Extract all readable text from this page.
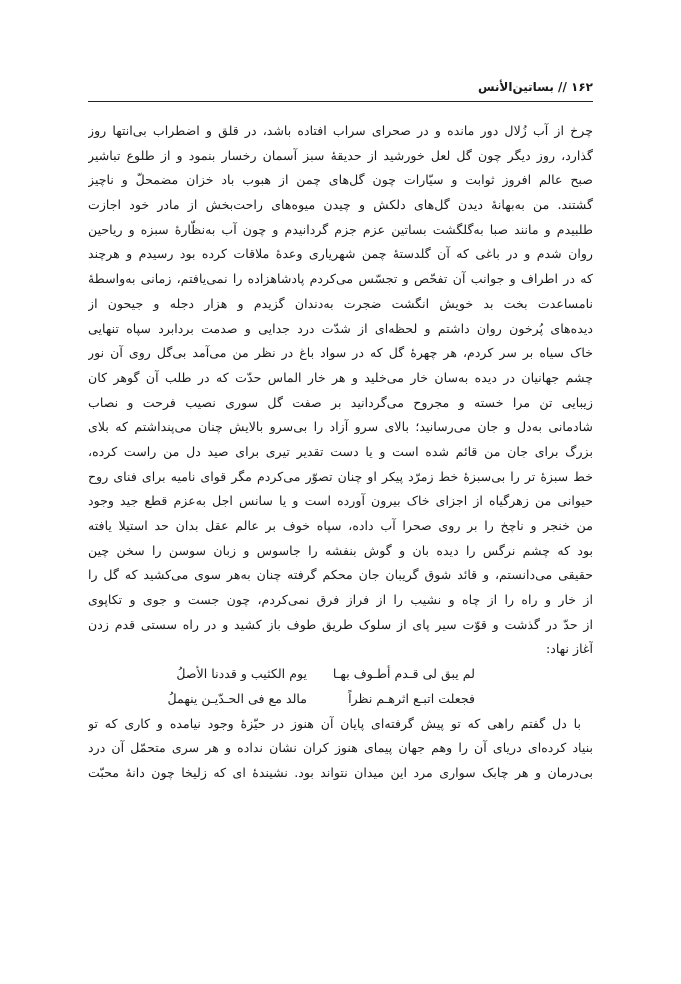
١۶٢ // بساتین‌الأنس
چرخ از آب زُلال دور مانده و در صحرای سراب افتاده باشد، در قلق و اضطراب بی‌انتها روز
گذارد، روز دیگر چون گل لعل خورشید از حدیقهٔ سبز آسمان رخسار بنمود و از طلوع تباشیر
صبح عالم افروز ثوابت و سیّارات چون گل‌های چمن از هبوب باد خزان مضمحلّ و ناچیز
گشتند. من به‌بهانهٔ دیدن گل‌های دلکش و چیدن میوه‌های راحت‌بخش از مادر خود اجازت
طلبیدم و مانند صبا به‌گلگشت بساتین عزم جزم گردانیدم و چون آب به‌نظّارهٔ سبزه و ریاحین
روان شدم و در باغی که آن گلدستهٔ چمن شهریاری وعدهٔ ملاقات کرده بود رسیدم و هرچند
که در اطراف و جوانب آن تفحّص و تجسّس می‌کردم پادشاهزاده را نمی‌یافتم، زمانی به‌واسطهٔ
نامساعدت بخت بد خویش انگشت ضجرت به‌دندان گزیدم و هزار دجله و جیحون از
دیده‌های پُرخون روان داشتم و لحظه‌ای از شدّت درد جدایی و صدمت بردابرد سپاه تنهایی
خاک سیاه بر سر کردم، هر چهرهٔ گل که در سواد باغ در نظر من می‌آمد بی‌گل روی آن نور
چشم جهانیان در دیده به‌سان خار می‌خلید و هر خار الماس حدّت که در طلب آن گوهر کان
زیبایی تن مرا خسته و مجروح می‌گردانید بر صفت گل سوری نصیب فرحت و نصاب
شادمانی به‌دل و جان می‌رسانید؛ بالای سرو آزاد را بی‌سرو بالایش چنان می‌پنداشتم که بلای
بزرگ برای جان من قائم شده است و یا دست تقدیر تیری برای صید دل من راست کرده،
خط سبزهٔ تر را بی‌سبزهٔ خط زمرّد پیکر او چنان تصوّر می‌کردم مگر قوای نامیه برای فنای روح
حیوانی من زهرگیاه از اجزای خاک بیرون آورده است و یا سانس اجل به‌عزم قطع جید وجود
من خنجر و ناچخ را بر روی صحرا آب داده، سپاه خوف بر عالم عقل بدان حد استیلا یافته
بود که چشم نرگس را دیده بان و گوش بنفشه را جاسوس و زبان سوسن را سخن چین
حقیقی می‌دانستم، و قائد شوق گریبان جان محکم گرفته چنان به‌هر سوی می‌کشید که گل را
از خار و راه را از چاه و نشیب را از فراز فرق نمی‌کردم، چون جست و جوی و تکاپوی
از حدّ در گذشت و قوّت سیر پای از سلوک طریق طوف باز کشید و در راه سستی قدم زدن
آغاز نهاد:
لم یبق لی قـدم أطـوف بهـا
یوم الکثیب و قددنا الأصلُ
فجعلت اتبـع اثرهـم نظراً
مالد مع فی الحـدّیـن ینهملُ
با دل گفتم راهی که تو پیش گرفته‌ای پایان آن هنوز در حیّزهٔ وجود نیامده و کاری که تو
بنیاد کرده‌ای دریای آن را وهم جهان پیمای هنوز کران نشان نداده و هر سری متحمّل آن درد
بی‌درمان و هر چابک سواری مرد این میدان نتواند بود. نشیندهٔ ای که زلیخا چون دانهٔ محبّت
